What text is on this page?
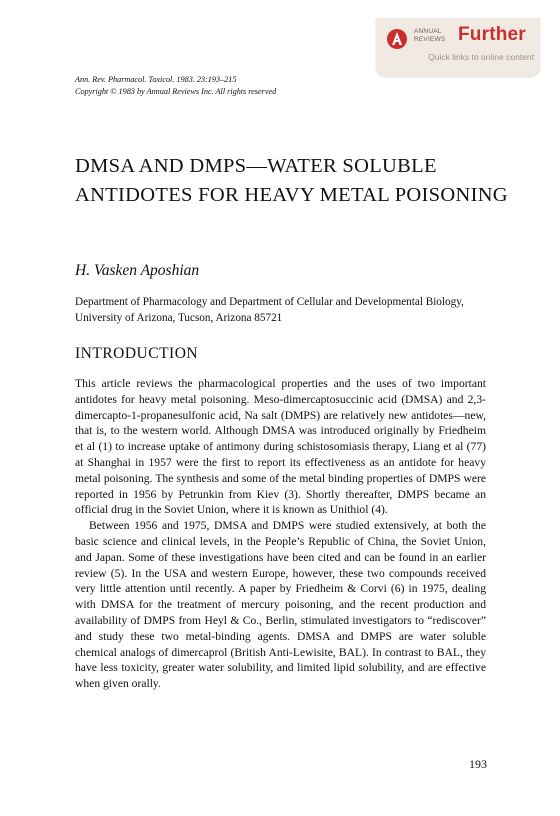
ANNUAL
REVIEWS Further
Quick links to online content
Ann. Rev. Pharmacol. Toxicol. 1983. 23:193–215
Copyright © 1983 by Annual Reviews Inc. All rights reserved
DMSA AND DMPS—WATER SOLUBLE ANTIDOTES FOR HEAVY METAL POISONING
H. Vasken Aposhian
Department of Pharmacology and Department of Cellular and Developmental Biology, University of Arizona, Tucson, Arizona 85721
INTRODUCTION

This article reviews the pharmacological properties and the uses of two important antidotes for heavy metal poisoning. Meso-dimercaptosuccinic acid (DMSA) and 2,3-dimercapto-1-propanesulfonic acid, Na salt (DMPS) are relatively new antidotes—new, that is, to the western world. Although DMSA was introduced originally by Friedheim et al (1) to increase uptake of antimony during schistosomiasis therapy, Liang et al (77) at Shanghai in 1957 were the first to report its effectiveness as an antidote for heavy metal poisoning. The synthesis and some of the metal binding properties of DMPS were reported in 1956 by Petrunkin from Kiev (3). Shortly thereafter, DMPS became an official drug in the Soviet Union, where it is known as Unithiol (4).

Between 1956 and 1975, DMSA and DMPS were studied extensively, at both the basic science and clinical levels, in the People’s Republic of China, the Soviet Union, and Japan. Some of these investigations have been cited and can be found in an earlier review (5). In the USA and western Europe, however, these two compounds received very little attention until recently. A paper by Friedheim & Corvi (6) in 1975, dealing with DMSA for the treatment of mercury poisoning, and the recent production and availability of DMPS from Heyl & Co., Berlin, stimulated investigators to “rediscover” and study these two metal-binding agents. DMSA and DMPS are water soluble chemical analogs of dimercaprol (British Anti-Lewisite, BAL). In contrast to BAL, they have less toxicity, greater water solubility, and limited lipid solubility, and are effective when given orally.

193
